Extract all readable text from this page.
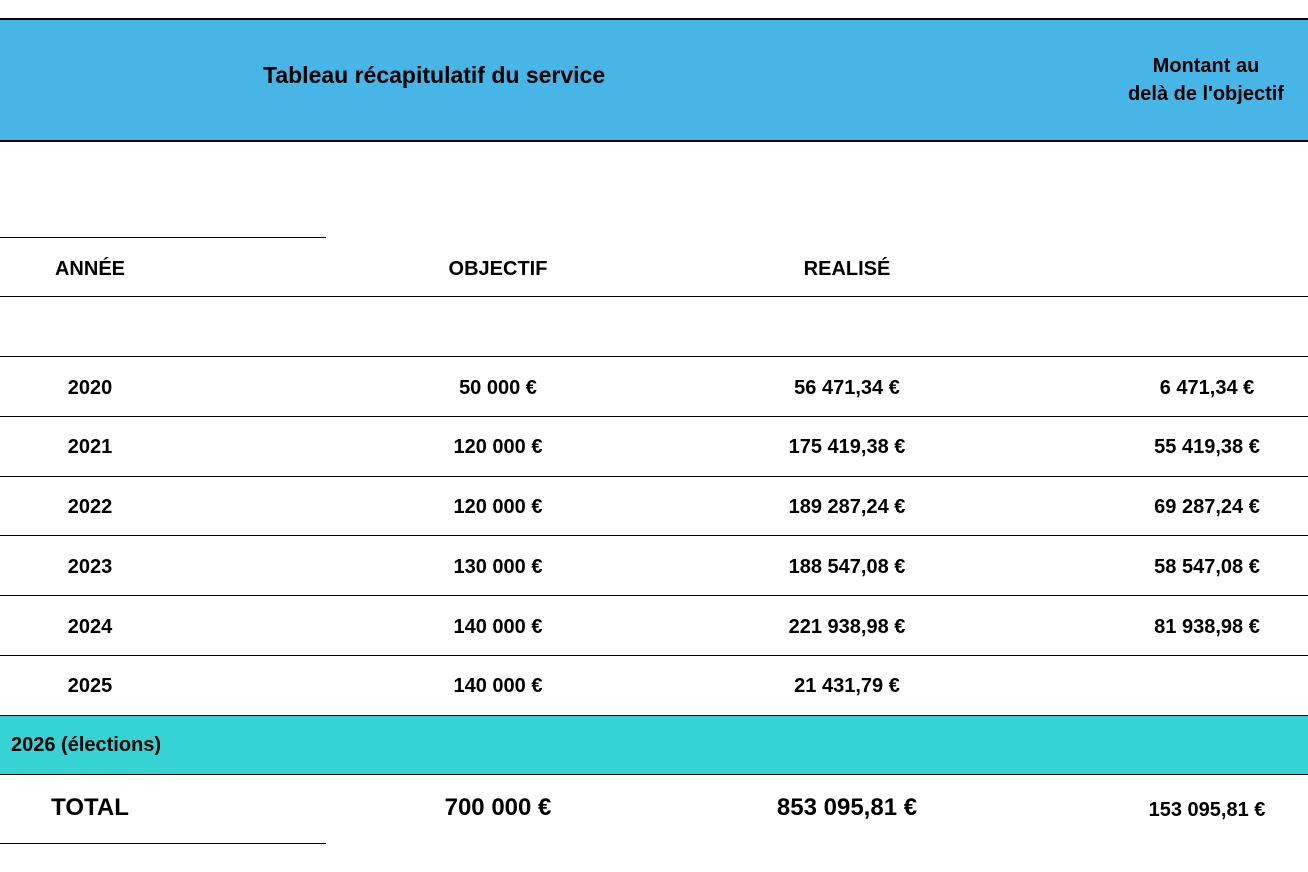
Tableau récapitulatif du service	Montant au
delà de l'objectif
ANNÉE	OBJECTIF	REALISÉ
2020	50 000 €	56 471,34 €	6 471,34 €
2021	120 000 €	175 419,38 €	55 419,38 €
2022	120 000 €	189 287,24 €	69 287,24 €
2023	130 000 €	188 547,08 €	58 547,08 €
2024	140 000 €	221 938,98 €	81 938,98 €
2025	140 000 €	21 431,79 €
2026 (élections)
TOTAL	700 000 €	853 095,81 €	153 095,81 €
